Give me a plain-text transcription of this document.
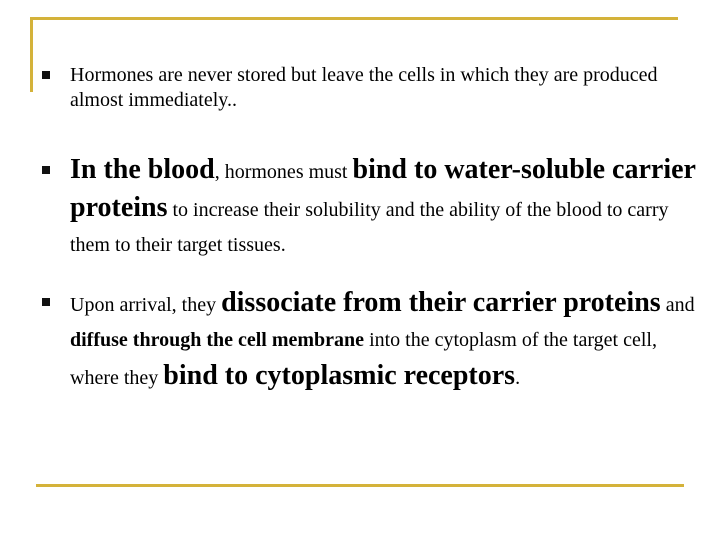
Hormones are never stored but leave the cells in which they are produced almost immediately..
In the blood, hormones must bind to water-soluble carrier proteins to increase their solubility and the ability of the blood to carry them to their target tissues.
Upon arrival, they dissociate from their carrier proteins and diffuse through the cell membrane into the cytoplasm of the target cell, where they bind to cytoplasmic receptors.
